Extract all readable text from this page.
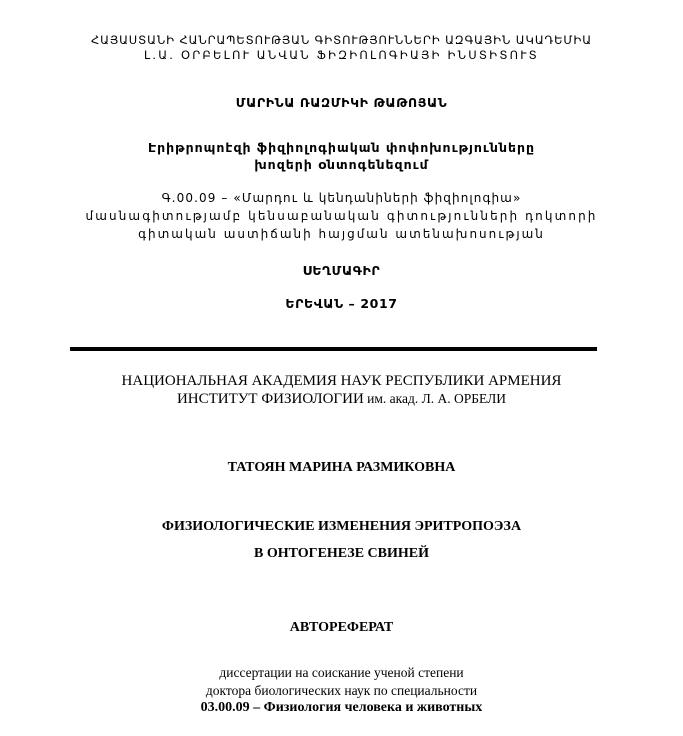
ՀԱՅԱՍՏԱՆԻ ՀԱՆՐԱՊԵՏՈՒԹՅԱՆ ԳԻՏՈՒԹՅՈՒՆՆԵՐԻ ԱԶԳԱՅԻՆ ԱԿԱԴԵՄԻԱ
Լ.Ա. ՕՐԲԵԼՈՒ ԱՆՎԱՆ ՖԻԶԻՈԼՈԳԻԱՅԻ ԻՆՍՏԻՏՈՒՏ
ՄԱՐԻՆԱ ՌԱԶՄԻԿԻ ԹԱԹՈՅԱՆ
Էրիթրոպոէզի ֆիզիոլոգիական փոփոխությունները
խոզերի օնտոգենեզում
Գ.00.09 – «Մարդու և կենդանիների ֆիզիոլոգիա»
մասնագիտությամբ կենսաբանական գիտությունների դոկտորի
գիտական աստիճանի հայցման ատենախոսության
ՍԵՂՄԱԳԻՐ
ԵՐԵՎԱՆ – 2017
НАЦИОНАЛЬНАЯ АКАДЕМИЯ НАУК РЕСПУБЛИКИ АРМЕНИЯ
ИНСТИТУТ ФИЗИОЛОГИИ им. акад. Л. А. ОРБЕЛИ
ТАТОЯН МАРИНА РАЗМИКОВНА
ФИЗИОЛОГИЧЕСКИЕ ИЗМЕНЕНИЯ ЭРИТРОПОЭЗА
В ОНТОГЕНЕЗЕ СВИНЕЙ
АВТОРЕФЕРАТ
диссертации на соискание ученой степени
доктора биологических наук по специальности
03.00.09 – Физиология человека и животных
